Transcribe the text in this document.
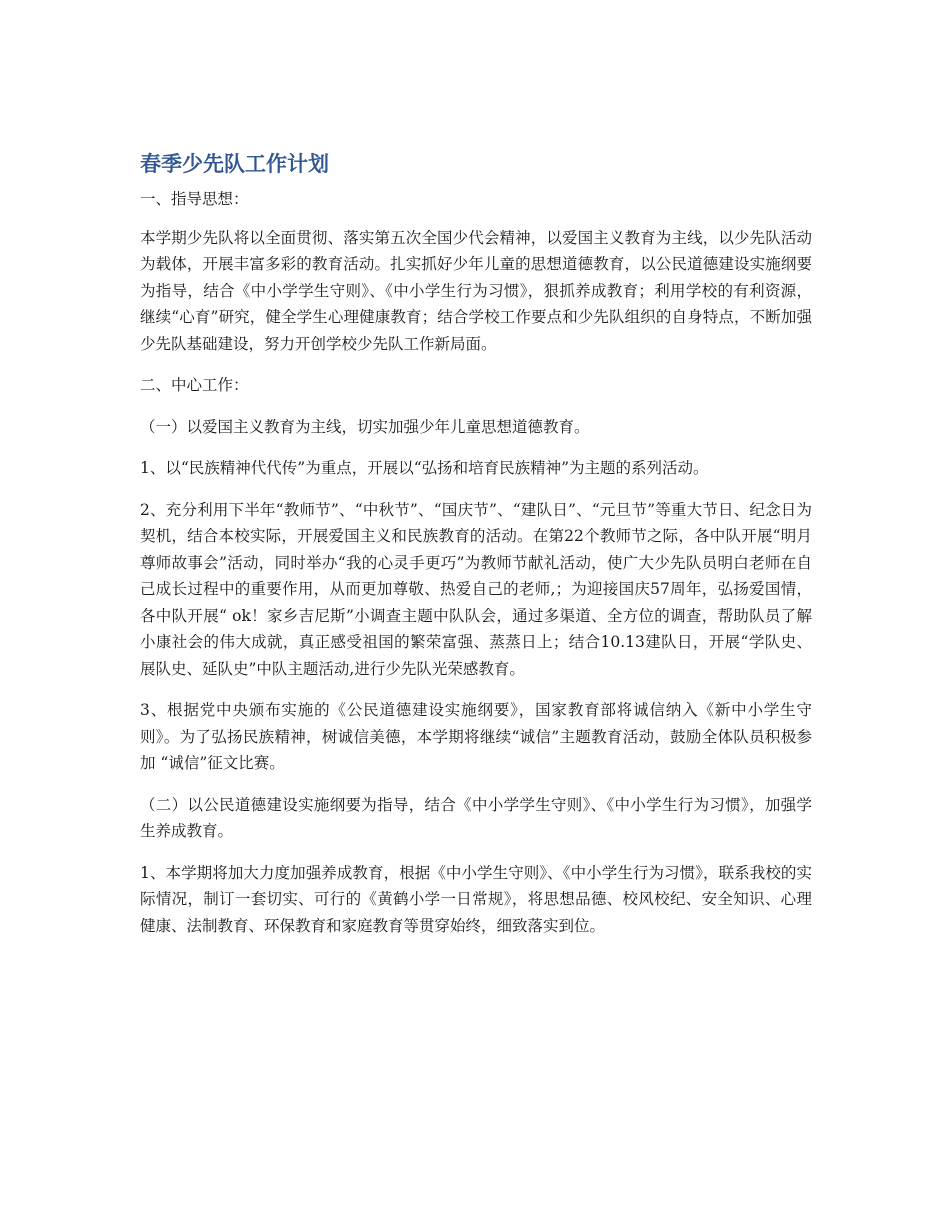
春季少先队工作计划

一、指导思想：

本学期少先队将以全面贯彻、落实第五次全国少代会精神，以爱国主义教育为主线，以少先队活动为载体，开展丰富多彩的教育活动。扎实抓好少年儿童的思想道德教育，以公民道德建设实施纲要为指导，结合《中小学学生守则》、《中小学生行为习惯》，狠抓养成教育；利用学校的有利资源，继续“心育”研究，健全学生心理健康教育；结合学校工作要点和少先队组织的自身特点，不断加强少先队基础建设，努力开创学校少先队工作新局面。

二、中心工作：

（一）以爱国主义教育为主线，切实加强少年儿童思想道德教育。

1、以“民族精神代代传”为重点，开展以“弘扬和培育民族精神”为主题的系列活动。

2、充分利用下半年“教师节”、“中秋节”、“国庆节”、“建队日”、“元旦节”等重大节日、纪念日为契机，结合本校实际，开展爱国主义和民族教育的活动。在第22个教师节之际，各中队开展“明月尊师故事会”活动，同时举办“我的心灵手更巧”为教师节献礼活动，使广大少先队员明白老师在自己成长过程中的重要作用，从而更加尊敬、热爱自己的老师,；为迎接国庆57周年，弘扬爱国情，各中队开展“ ok！家乡吉尼斯”小调查主题中队队会，通过多渠道、全方位的调查，帮助队员了解小康社会的伟大成就，真正感受祖国的繁荣富强、蒸蒸日上；结合10.13建队日，开展“学队史、展队史、延队史”中队主题活动,进行少先队光荣感教育。

3、根据党中央颁布实施的《公民道德建设实施纲要》，国家教育部将诚信纳入《新中小学生守则》。为了弘扬民族精神，树诚信美德，本学期将继续“诚信”主题教育活动，鼓励全体队员积极参加 “诚信”征文比赛。

（二）以公民道德建设实施纲要为指导，结合《中小学学生守则》、《中小学生行为习惯》，加强学生养成教育。

1、本学期将加大力度加强养成教育，根据《中小学生守则》、《中小学生行为习惯》，联系我校的实际情况，制订一套切实、可行的《黄鹤小学一日常规》，将思想品德、校风校纪、安全知识、心理健康、法制教育、环保教育和家庭教育等贯穿始终，细致落实到位。
